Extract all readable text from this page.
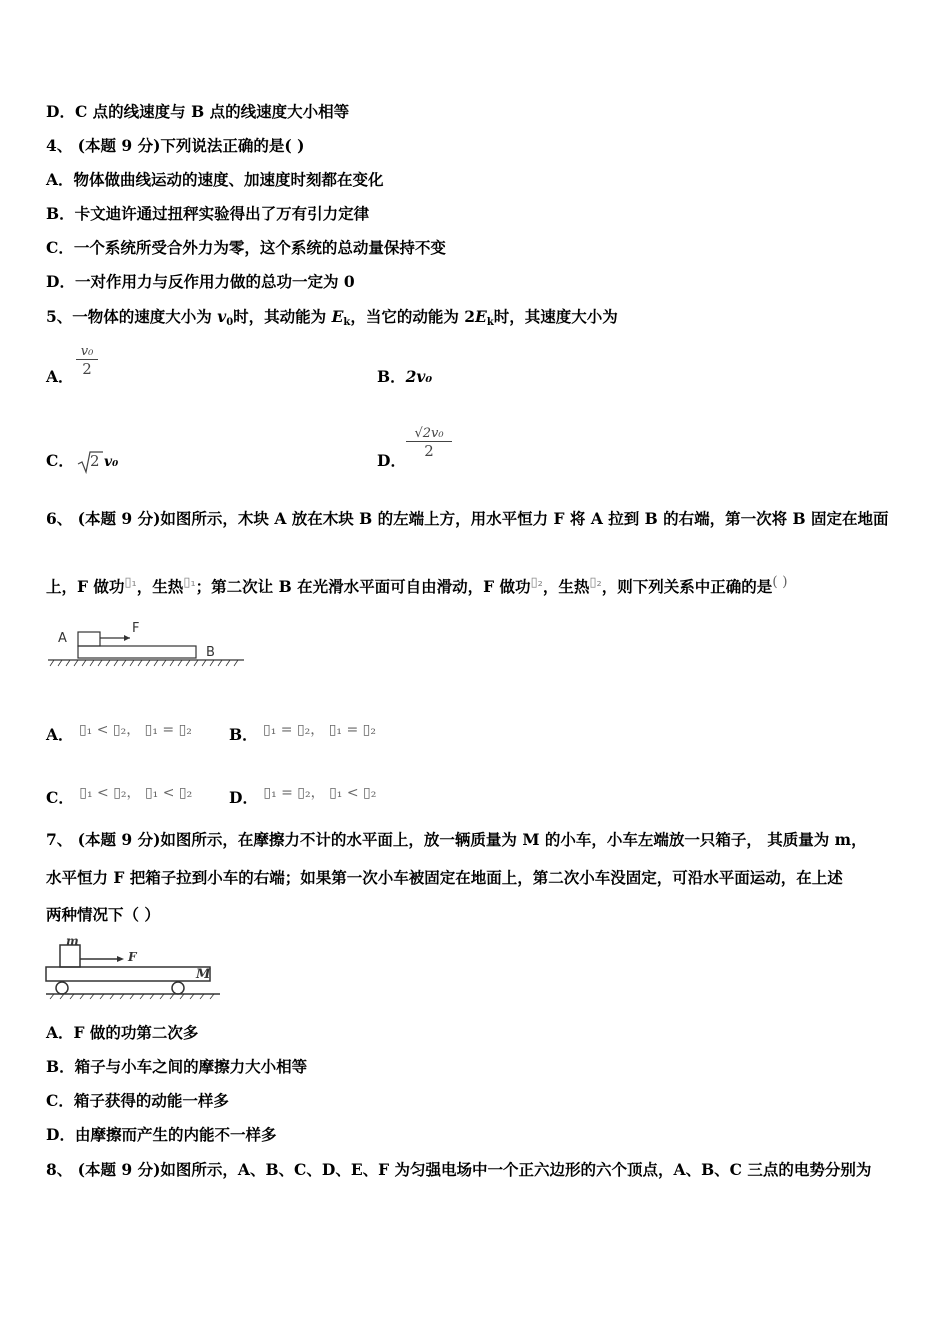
D．C 点的线速度与 B 点的线速度大小相等
4、 (本题 9 分)下列说法正确的是( )
A．物体做曲线运动的速度、加速度时刻都在变化
B．卡文迪许通过扭秤实验得出了万有引力定律
C．一个系统所受合外力为零，这个系统的总动量保持不变
D．一对作用力与反作用力做的总功一定为 0
5、一物体的速度大小为 $v_0$时，其动能为 $E_k$，当它的动能为 $2E_k$时，其速度大小为
A． $\frac{\text{v₀}}{2}$	B．2v₀
C． 2 v₀	D．
$\frac{\text{√2v₀}}{2}$
6、 (本题 9 分)如图所示，木块 A 放在木块 B 的左端上方，用水平恒力 F 将 A 拉到 B 的右端，第一次将 B 固定在地面
上，F 做功▯₁，生热▯₁；第二次让 B 在光滑水平面可自由滑动，F 做功▯₂，生热▯₂，则下列关系中正确的是( )
A
F
B
A． ▯₁ < ▯₂， ▯₁ = ▯₂ B． ▯₁ = ▯₂， ▯₁ = ▯₂
C． ▯₁ < ▯₂， ▯₁ < ▯₂ D． ▯₁ = ▯₂， ▯₁ < ▯₂
7、 (本题 9 分)如图所示，在摩擦力不计的水平面上，放一辆质量为 M 的小车，小车左端放一只箱子， 其质量为 m，
水平恒力 F 把箱子拉到小车的右端；如果第一次小车被固定在地面上，第二次小车没固定，可沿水平面运动，在上述
两种情况下（ ）
m
F
M
A．F 做的功第二次多
B．箱子与小车之间的摩擦力大小相等
C．箱子获得的动能一样多
D．由摩擦而产生的内能不一样多
8、 (本题 9 分)如图所示，A、B、C、D、E、F 为匀强电场中一个正六边形的六个顶点，A、B、C 三点的电势分别为
